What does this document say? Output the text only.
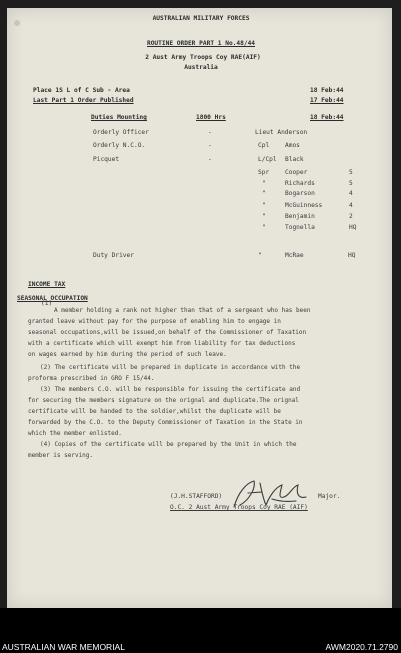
AUSTRALIAN MILITARY FORCES
ROUTINE ORDER PART 1 No.48/44
2 Aust Army Troops Coy RAE(AIF)
Australia
Place 1S L of C Sub - Area	18 Feb:44
Last Part 1 Order Published	17 Feb:44
Duties Mounting	1800 Hrs	18 Feb:44
Orderly Officer	-	Lieut Anderson
Orderly N.C.O.	-	Cpl	Amos
Picquet	-	L/Cpl Black
Spr	Cooper	5
"	Richards	5
"	Bogarson	4
"	McGuinness	4
"	Benjamin	2
"	Tognella	HQ
Duty Driver	"	McRae	HQ
INCOME TAX
SEASONAL OCCUPATION
(1)
A member holding a rank not higher than that of a sergeant who has been
granted leave without pay for the purpose of enabling him to engage in
seasonal occupations,will be issued,on behalf of the Commissioner of Taxation
with a certificate which will exempt him from liability for tax deductions
on wages earned by him during the period of such leave.
(2) The certificate will be prepared in duplicate in accordance with the
proforma prescribed in GRO F 15/44.
(3) The members C.O. will be responsible for issuing the certificate and
for securing the members signature on the orignal and duplicate.The orignal
certificate will be handed to the soldier,whilst the duplicate will be
forwarded by the C.O. to the Deputy Commissioner of Taxation in the State in
which the member enlisted.
(4) Copies of the certificate will be prepared by the Unit in which the
member is serving.
(J.H.STAFFORD)	Major.
O.C. 2 Aust Army Troops Coy RAE (AIF)
AUSTRALIAN WAR MEMORIAL	AWM2020.71.2790
